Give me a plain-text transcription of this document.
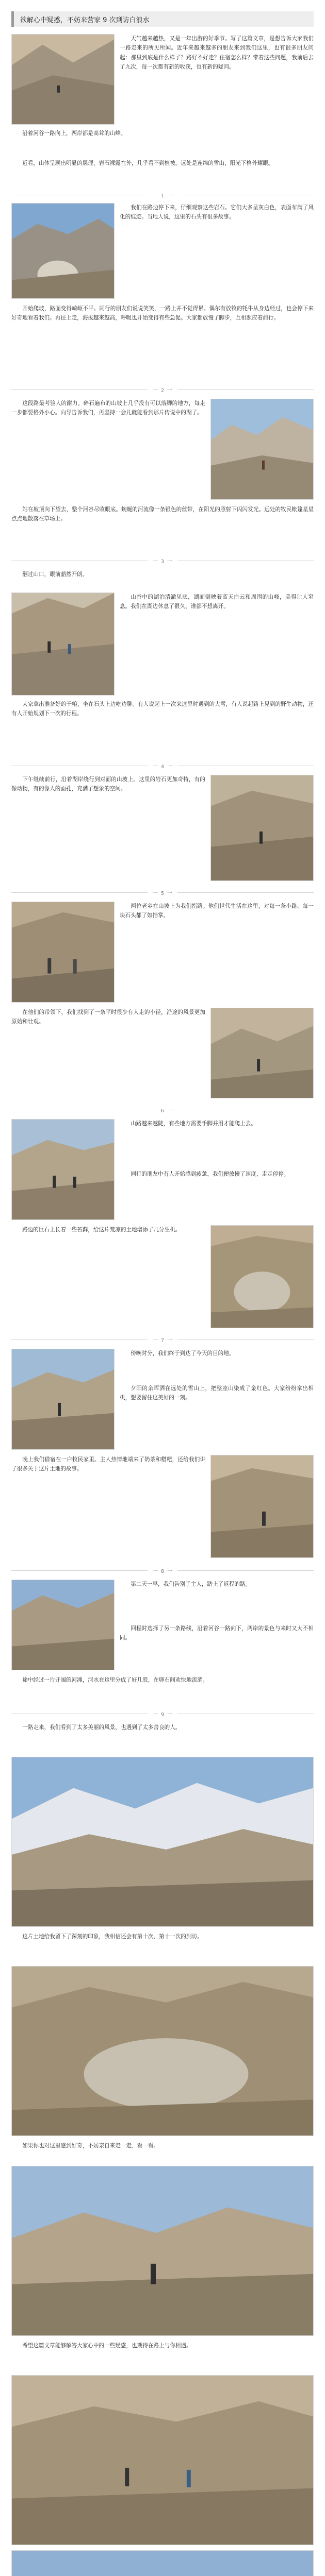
欲解心中疑惑，不妨来营家 9 次到访白浪水

天气越来越热，又是一年出游的好季节。写了这篇文章，是想告诉大家我们一路走来的所见所闻。近年来越来越多的朋友来到我们这里，也有很多朋友问起：那里到底是什么样子？路好不好走？住宿怎么样？带着这些问题，我前后去了九次，每一次都有新的收获，也有新的疑问。

沿着河谷一路向上，两岸都是高耸的山峰。

近看，山体呈现出明显的层理，岩石裸露在外，几乎看不到植被。远处是连绵的雪山，阳光下格外耀眼。

一 1 一

我们在路边停下来，仔细观察这些岩石。它们大多呈灰白色，表面布满了风化的痕迹。当地人说，这里的石头有很多故事。

开始爬坡，路面变得崎岖不平。同行的朋友们说说笑笑，一路上并不觉得累。偶尔有放牧的牦牛从身边经过，也会停下来好奇地看着我们。再往上走，海拔越来越高，呼吸也开始变得有些急促。大家都放慢了脚步，互相照应着前行。

一 2 一

这段路最考验人的耐力。碎石遍布的山坡上几乎没有可以落脚的地方，每走一步都要格外小心。向导告诉我们，再坚持一会儿就能看到那片传说中的湖了。

站在坡顶向下望去，整个河谷尽收眼底。蜿蜒的河流像一条银色的丝带，在阳光的照射下闪闪发光。远处的牧民帐篷星星点点地散落在草场上。

一 3 一

翻过山口，眼前豁然开朗。

山谷中的湖泊清澈见底，湖面倒映着蓝天白云和周围的山峰，美得让人窒息。我们在湖边休息了很久，谁都不想离开。

大家拿出准备好的干粮，坐在石头上边吃边聊。有人说起上一次来这里时遇到的大雪，有人说起路上见到的野生动物，还有人开始规划下一次的行程。

一 4 一

下午继续前行，沿着湖岸绕行到对面的山坡上。这里的岩石更加奇特，有的像动物，有的像人的面孔，充满了想象的空间。

一 5 一

两位老乡在山坡上为我们指路。他们世代生活在这里，对每一条小路、每一块石头都了如指掌。

在他们的带领下，我们找到了一条平时很少有人走的小径，沿途的风景更加原始和壮观。

一 6 一

山路越来越陡，有些地方需要手脚并用才能爬上去。

同行的朋友中有人开始感到疲惫，我们便放慢了速度，走走停停。

路边的巨石上长着一些苔藓，给这片荒凉的土地增添了几分生机。

一 7 一

傍晚时分，我们终于到达了今天的目的地。

夕阳的余晖洒在远处的雪山上，把整座山染成了金红色。大家纷纷拿出相机，想要留住这美好的一刻。

晚上我们借宿在一户牧民家里。主人热情地端来了奶茶和糌粑，还给我们讲了很多关于这片土地的故事。

一 8 一

第二天一早，我们告别了主人，踏上了返程的路。

回程时选择了另一条路线，沿着河谷一路向下，两岸的景色与来时又大不相同。

途中经过一片开阔的河滩，河水在这里分成了好几股，在卵石间欢快地流淌。

一 9 一

一路走来，我们看到了太多美丽的风景，也遇到了太多善良的人。

这片土地给我留下了深刻的印象，我相信还会有第十次、第十一次的到访。

如果你也对这里感到好奇，不妨亲自来走一走、看一看。

希望这篇文章能够解答大家心中的一些疑惑，也期待在路上与你相遇。
